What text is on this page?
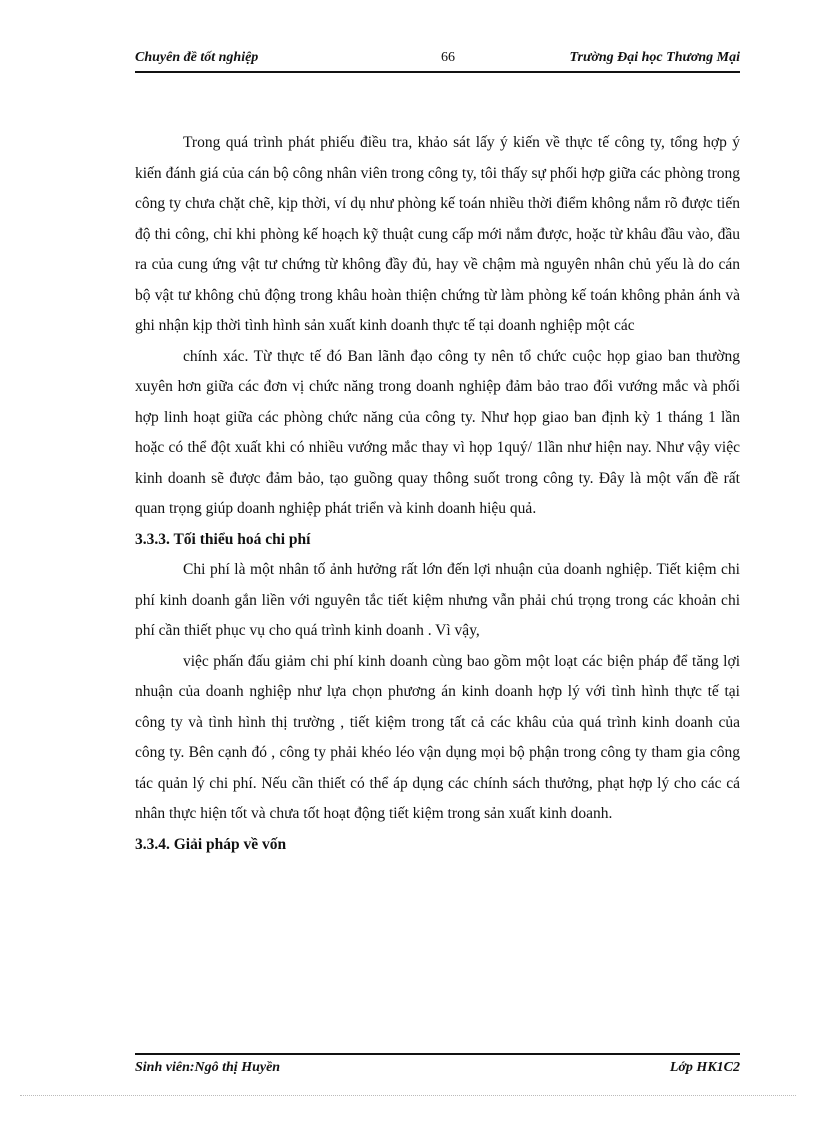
Chuyên đề tốt nghiệp	66	Trường Đại học Thương Mại

Trong quá trình phát phiếu điều tra, khảo sát lấy ý kiến về thực tế công ty, tổng hợp ý kiến đánh giá của cán bộ công nhân viên trong công ty, tôi thấy sự phối hợp giữa các phòng trong công ty chưa chặt chẽ, kịp thời, ví dụ như phòng kế toán nhiều thời điểm không nắm rõ được tiến độ thi công, chỉ khi phòng kế hoạch kỹ thuật cung cấp mới nắm được, hoặc từ khâu đầu vào, đầu ra của cung ứng vật tư chứng từ không đầy đủ, hay về chậm mà nguyên nhân chủ yếu là do cán bộ vật tư không chủ động trong khâu hoàn thiện chứng từ làm phòng kế toán không phản ánh và ghi nhận kịp thời tình hình sản xuất kinh doanh thực tế tại doanh nghiệp một các

chính xác. Từ thực tế đó Ban lãnh đạo công ty nên tổ chức cuộc họp giao ban thường xuyên hơn giữa các đơn vị chức năng trong doanh nghiệp đảm bảo trao đổi vướng mắc và phối hợp linh hoạt giữa các phòng chức năng của công ty. Như họp giao ban định kỳ 1 tháng 1 lần hoặc có thể đột xuất khi có nhiều vướng mắc thay vì họp 1quý/ 1lần như hiện nay. Như vậy việc kinh doanh sẽ được đảm bảo, tạo guồng quay thông suốt trong công ty. Đây là một vấn đề rất quan trọng giúp doanh nghiệp phát triển và kinh doanh hiệu quả.

3.3.3. Tối thiểu hoá chi phí

Chi phí là một nhân tố ảnh hưởng rất lớn đến lợi nhuận của doanh nghiệp. Tiết kiệm chi phí kinh doanh gắn liền với nguyên tắc tiết kiệm nhưng vẫn phải chú trọng trong các khoản chi phí cần thiết phục vụ cho quá trình kinh doanh . Vì vậy,

việc phấn đấu giảm chi phí kinh doanh cùng bao gồm một loạt các biện pháp để tăng lợi nhuận của doanh nghiệp như lựa chọn phương án kinh doanh hợp lý với tình hình thực tế tại công ty và tình hình thị trường , tiết kiệm trong tất cả các khâu của quá trình kinh doanh của công ty. Bên cạnh đó , công ty phải khéo léo vận dụng mọi bộ phận trong công ty tham gia công tác quản lý chi phí. Nếu cần thiết có thể áp dụng các chính sách thưởng, phạt hợp lý cho các cá nhân thực hiện tốt và chưa tốt hoạt động tiết kiệm trong sản xuất kinh doanh.

3.3.4. Giải pháp về vốn
Sinh viên:Ngô thị Huyền	Lớp HK1C2
